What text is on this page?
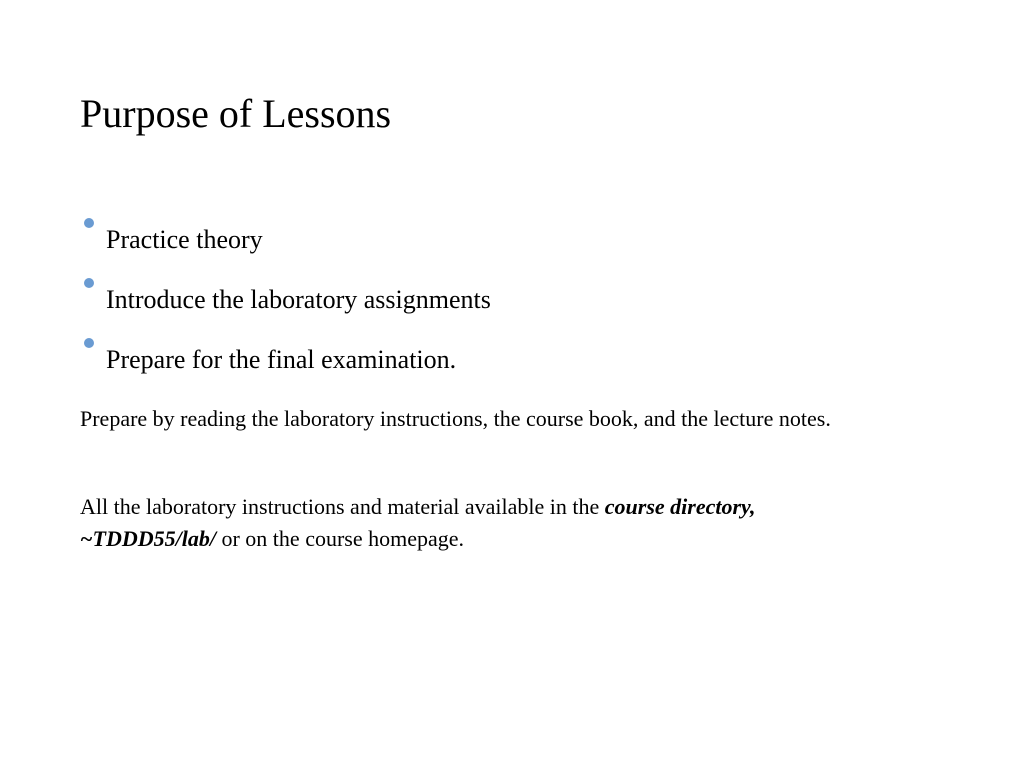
Purpose of Lessons
Practice theory
Introduce the laboratory assignments
Prepare for the final examination.

Prepare by reading the laboratory instructions, the course book, and the lecture notes.

All the laboratory instructions and material available in the course directory,
~TDDD55/lab/ or on the course homepage.
